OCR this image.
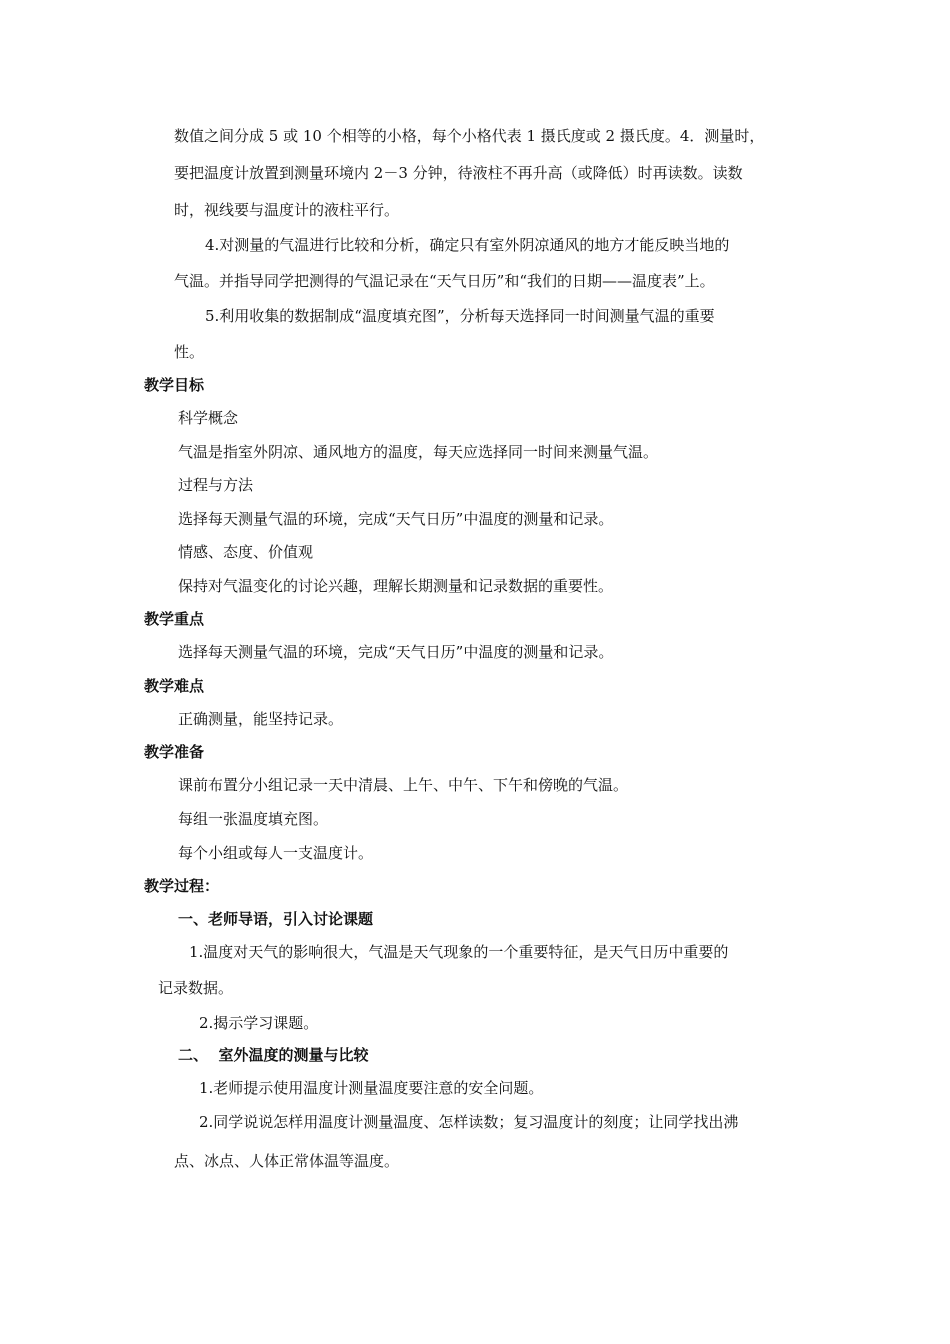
数值之间分成 5 或 10 个相等的小格，每个小格代表 1 摄氏度或 2 摄氏度。4．测量时，
要把温度计放置到测量环境内 2－3 分钟，待液柱不再升高（或降低）时再读数。读数
时，视线要与温度计的液柱平行。
4.对测量的气温进行比较和分析，确定只有室外阴凉通风的地方才能反映当地的
气温。并指导同学把测得的气温记录在“天气日历”和“我们的日期——温度表”上。
5.利用收集的数据制成“温度填充图”，分析每天选择同一时间测量气温的重要
性。
教学目标
科学概念
气温是指室外阴凉、通风地方的温度，每天应选择同一时间来测量气温。
过程与方法
选择每天测量气温的环境，完成“天气日历”中温度的测量和记录。
情感、态度、价值观
保持对气温变化的讨论兴趣，理解长期测量和记录数据的重要性。
教学重点
选择每天测量气温的环境，完成“天气日历”中温度的测量和记录。
教学难点
正确测量，能坚持记录。
教学准备
课前布置分小组记录一天中清晨、上午、中午、下午和傍晚的气温。
每组一张温度填充图。
每个小组或每人一支温度计。
教学过程：
一、老师导语，引入讨论课题
1.温度对天气的影响很大，气温是天气现象的一个重要特征，是天气日历中重要的
记录数据。
2.揭示学习课题。
二、  室外温度的测量与比较
1.老师提示使用温度计测量温度要注意的安全问题。
2.同学说说怎样用温度计测量温度、怎样读数；复习温度计的刻度；让同学找出沸
点、冰点、人体正常体温等温度。
